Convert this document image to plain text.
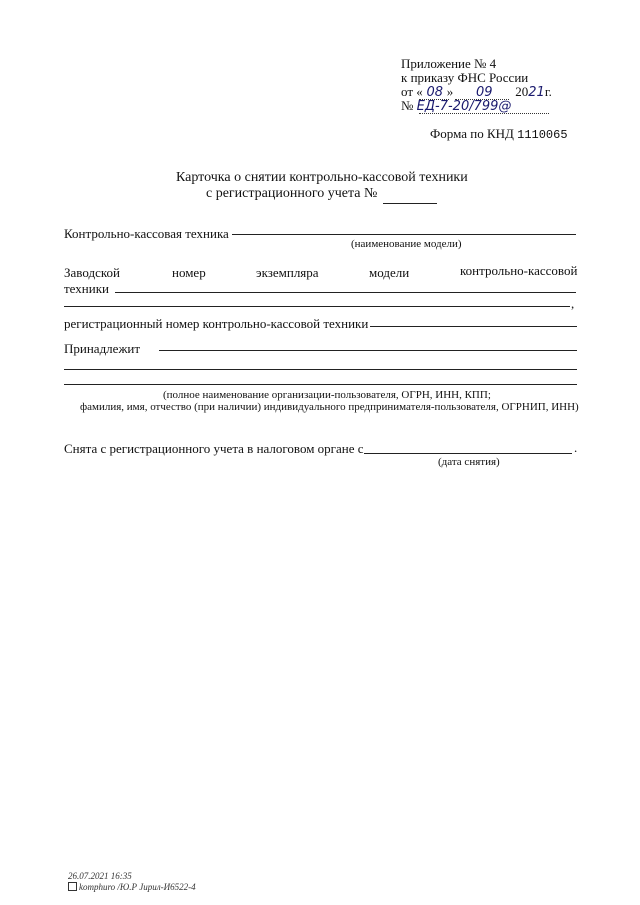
Приложение № 4
к приказу ФНС России
от « 08 » 09 2021г.
№ ЕД-7-20/799@
Форма по КНД 1110065
Карточка о снятии контрольно-кассовой техники
с регистрационного учета №
Контрольно-кассовая техника
(наименование модели)
Заводской	номер	экземпляра	модели	контрольно-кассовой
техники
,
регистрационный номер контрольно-кассовой техники
Принадлежит
(полное наименование организации-пользователя, ОГРН, ИНН, КПП;
фамилия, имя, отчество (при наличии) индивидуального предпринимателя-пользователя, ОГРНИП, ИНН)
Снята с регистрационного учета в налоговом органе с	.
(дата снятия)
26.07.2021 16:35
komphuro /Ю.Р Jupuл-И6522-4
